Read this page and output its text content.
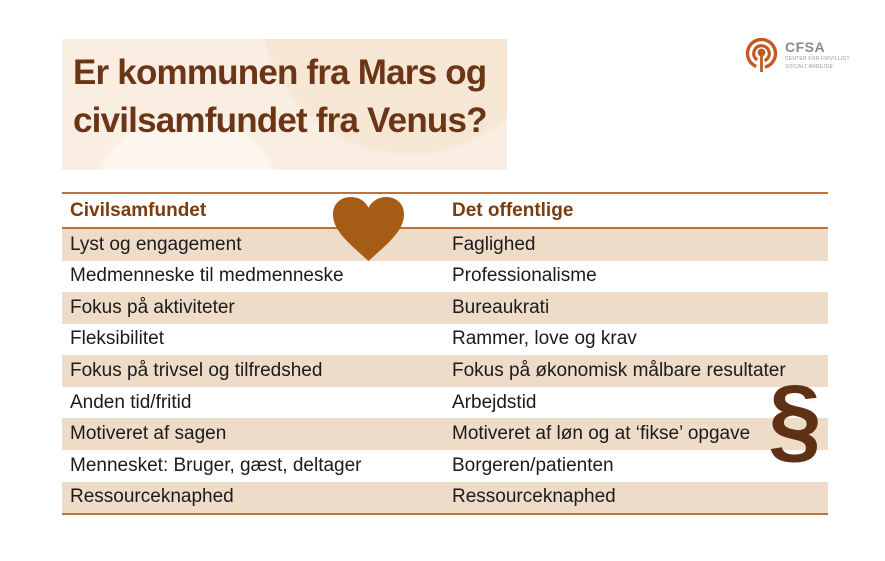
Er kommunen fra Mars og
civilsamfundet fra Venus?
CFSA
CENTER FOR FRIVILLIGT
SOCIALT ARBEJDE
Civilsamfundet	Det offentlige
Lyst og engagement	Faglighed
Medmenneske til medmenneske	Professionalisme
Fokus på aktiviteter	Bureaukrati
Fleksibilitet	Rammer, love og krav
Fokus på trivsel og tilfredshed	Fokus på økonomisk målbare resultater
Anden tid/fritid	Arbejdstid
Motiveret af sagen	Motiveret af løn og at ‘fikse’ opgave
Mennesket: Bruger, gæst, deltager	Borgeren/patienten
Ressourceknaphed	Ressourceknaphed
§
